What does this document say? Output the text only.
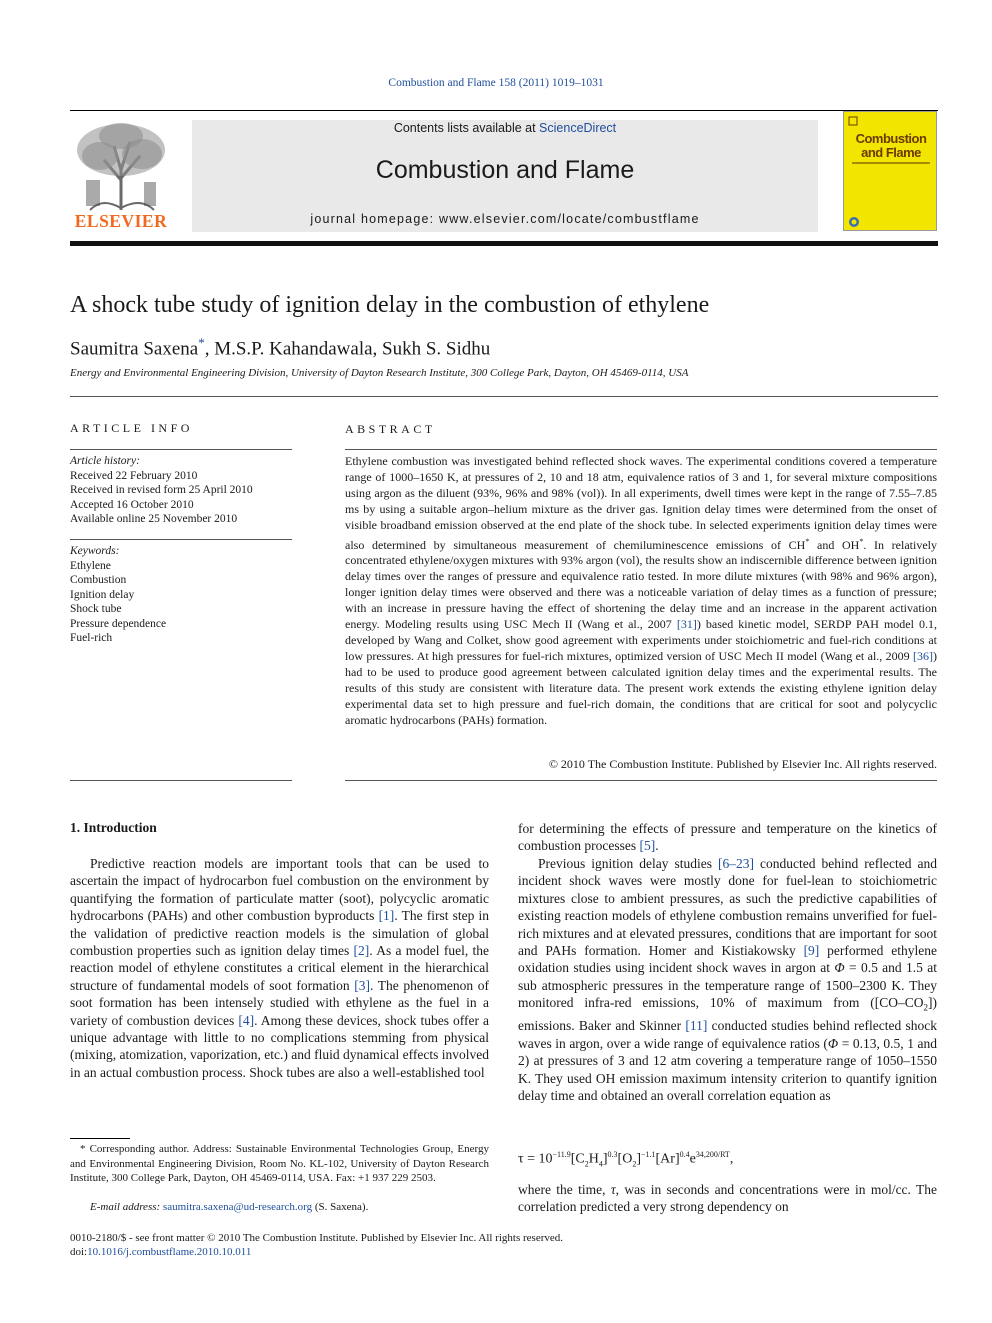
Combustion and Flame 158 (2011) 1019–1031
ELSEVIER
Contents lists available at ScienceDirect
Combustion and Flame
journal homepage: www.elsevier.com/locate/combustflame
Combustion
and Flame
A shock tube study of ignition delay in the combustion of ethylene
Saumitra Saxena*, M.S.P. Kahandawala, Sukh S. Sidhu
Energy and Environmental Engineering Division, University of Dayton Research Institute, 300 College Park, Dayton, OH 45469-0114, USA
ARTICLE INFO
Article history:
Received 22 February 2010
Received in revised form 25 April 2010
Accepted 16 October 2010
Available online 25 November 2010
Keywords:
Ethylene
Combustion
Ignition delay
Shock tube
Pressure dependence
Fuel-rich
ABSTRACT
Ethylene combustion was investigated behind reflected shock waves. The experimental conditions covered a temperature range of 1000–1650 K, at pressures of 2, 10 and 18 atm, equivalence ratios of 3 and 1, for several mixture compositions using argon as the diluent (93%, 96% and 98% (vol)). In all experiments, dwell times were kept in the range of 7.55–7.85 ms by using a suitable argon–helium mixture as the driver gas. Ignition delay times were determined from the onset of visible broadband emission observed at the end plate of the shock tube. In selected experiments ignition delay times were also determined by simultaneous measurement of chemiluminescence emissions of CH* and OH*. In relatively concentrated ethylene/oxygen mixtures with 93% argon (vol), the results show an indiscernible difference between ignition delay times over the ranges of pressure and equivalence ratio tested. In more dilute mixtures (with 98% and 96% argon), longer ignition delay times were observed and there was a noticeable variation of delay times as a function of pressure; with an increase in pressure having the effect of shortening the delay time and an increase in the apparent activation energy. Modeling results using USC Mech II (Wang et al., 2007 [31]) based kinetic model, SERDP PAH model 0.1, developed by Wang and Colket, show good agreement with experiments under stoichiometric and fuel-rich conditions at low pressures. At high pressures for fuel-rich mixtures, optimized version of USC Mech II model (Wang et al., 2009 [36]) had to be used to produce good agreement between calculated ignition delay times and the experimental results. The results of this study are consistent with literature data. The present work extends the existing ethylene ignition delay experimental data set to high pressure and fuel-rich domain, the conditions that are critical for soot and polycyclic aromatic hydrocarbons (PAHs) formation.
© 2010 The Combustion Institute. Published by Elsevier Inc. All rights reserved.
1. Introduction
Predictive reaction models are important tools that can be used to ascertain the impact of hydrocarbon fuel combustion on the environment by quantifying the formation of particulate matter (soot), polycyclic aromatic hydrocarbons (PAHs) and other combustion byproducts [1]. The first step in the validation of predictive reaction models is the simulation of global combustion properties such as ignition delay times [2]. As a model fuel, the reaction model of ethylene constitutes a critical element in the hierarchical structure of fundamental models of soot formation [3]. The phenomenon of soot formation has been intensely studied with ethylene as the fuel in a variety of combustion devices [4]. Among these devices, shock tubes offer a unique advantage with little to no complications stemming from physical (mixing, atomization, vaporization, etc.) and fluid dynamical effects involved in an actual combustion process. Shock tubes are also a well-established tool
* Corresponding author. Address: Sustainable Environmental Technologies Group, Energy and Environmental Engineering Division, Room No. KL-102, University of Dayton Research Institute, 300 College Park, Dayton, OH 45469-0114, USA. Fax: +1 937 229 2503.
E-mail address: saumitra.saxena@ud-research.org (S. Saxena).
for determining the effects of pressure and temperature on the kinetics of combustion processes [5].
Previous ignition delay studies [6–23] conducted behind reflected and incident shock waves were mostly done for fuel-lean to stoichiometric mixtures close to ambient pressures, as such the predictive capabilities of existing reaction models of ethylene combustion remains unverified for fuel-rich mixtures and at elevated pressures, conditions that are important for soot and PAHs formation. Homer and Kistiakowsky [9] performed ethylene oxidation studies using incident shock waves in argon at Φ = 0.5 and 1.5 at sub atmospheric pressures in the temperature range of 1500–2300 K. They monitored infra-red emissions, 10% of maximum from $([CO-CO_2])$ emissions. Baker and Skinner [11] conducted studies behind reflected shock waves in argon, over a wide range of equivalence ratios (Φ = 0.13, 0.5, 1 and 2) at pressures of 3 and 12 atm covering a temperature range of 1050–1550 K. They used OH emission maximum intensity criterion to quantify ignition delay time and obtained an overall correlation equation as
$\tau = 10^{-11.9}[C_2H_4]^{0.3}[O_2]^{-1.1}[Ar]^{0.4}e^{34,200/RT}$,
where the time, τ, was in seconds and concentrations were in mol/cc. The correlation predicted a very strong dependency on
0010-2180/$ - see front matter © 2010 The Combustion Institute. Published by Elsevier Inc. All rights reserved.
doi:10.1016/j.combustflame.2010.10.011
